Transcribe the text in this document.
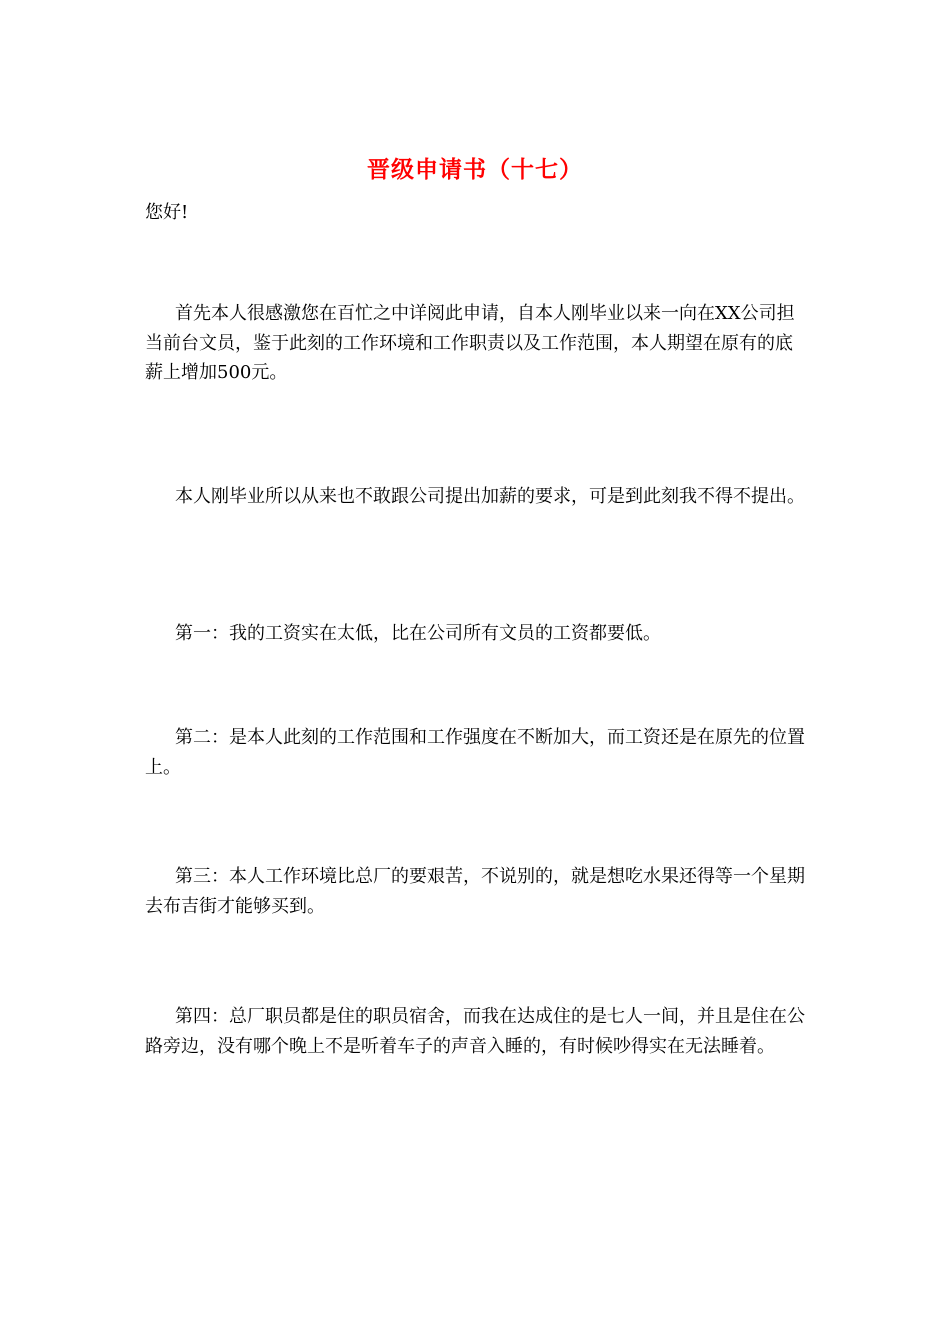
晋级申请书（十七）
您好!

首先本人很感激您在百忙之中详阅此申请，自本人刚毕业以来一向在XX公司担当前台文员，鉴于此刻的工作环境和工作职责以及工作范围，本人期望在原有的底薪上增加500元。

本人刚毕业所以从来也不敢跟公司提出加薪的要求，可是到此刻我不得不提出。

第一：我的工资实在太低，比在公司所有文员的工资都要低。

第二：是本人此刻的工作范围和工作强度在不断加大，而工资还是在原先的位置上。

第三：本人工作环境比总厂的要艰苦，不说别的，就是想吃水果还得等一个星期去布吉街才能够买到。

第四：总厂职员都是住的职员宿舍，而我在达成住的是七人一间，并且是住在公路旁边，没有哪个晚上不是听着车子的声音入睡的，有时候吵得实在无法睡着。
